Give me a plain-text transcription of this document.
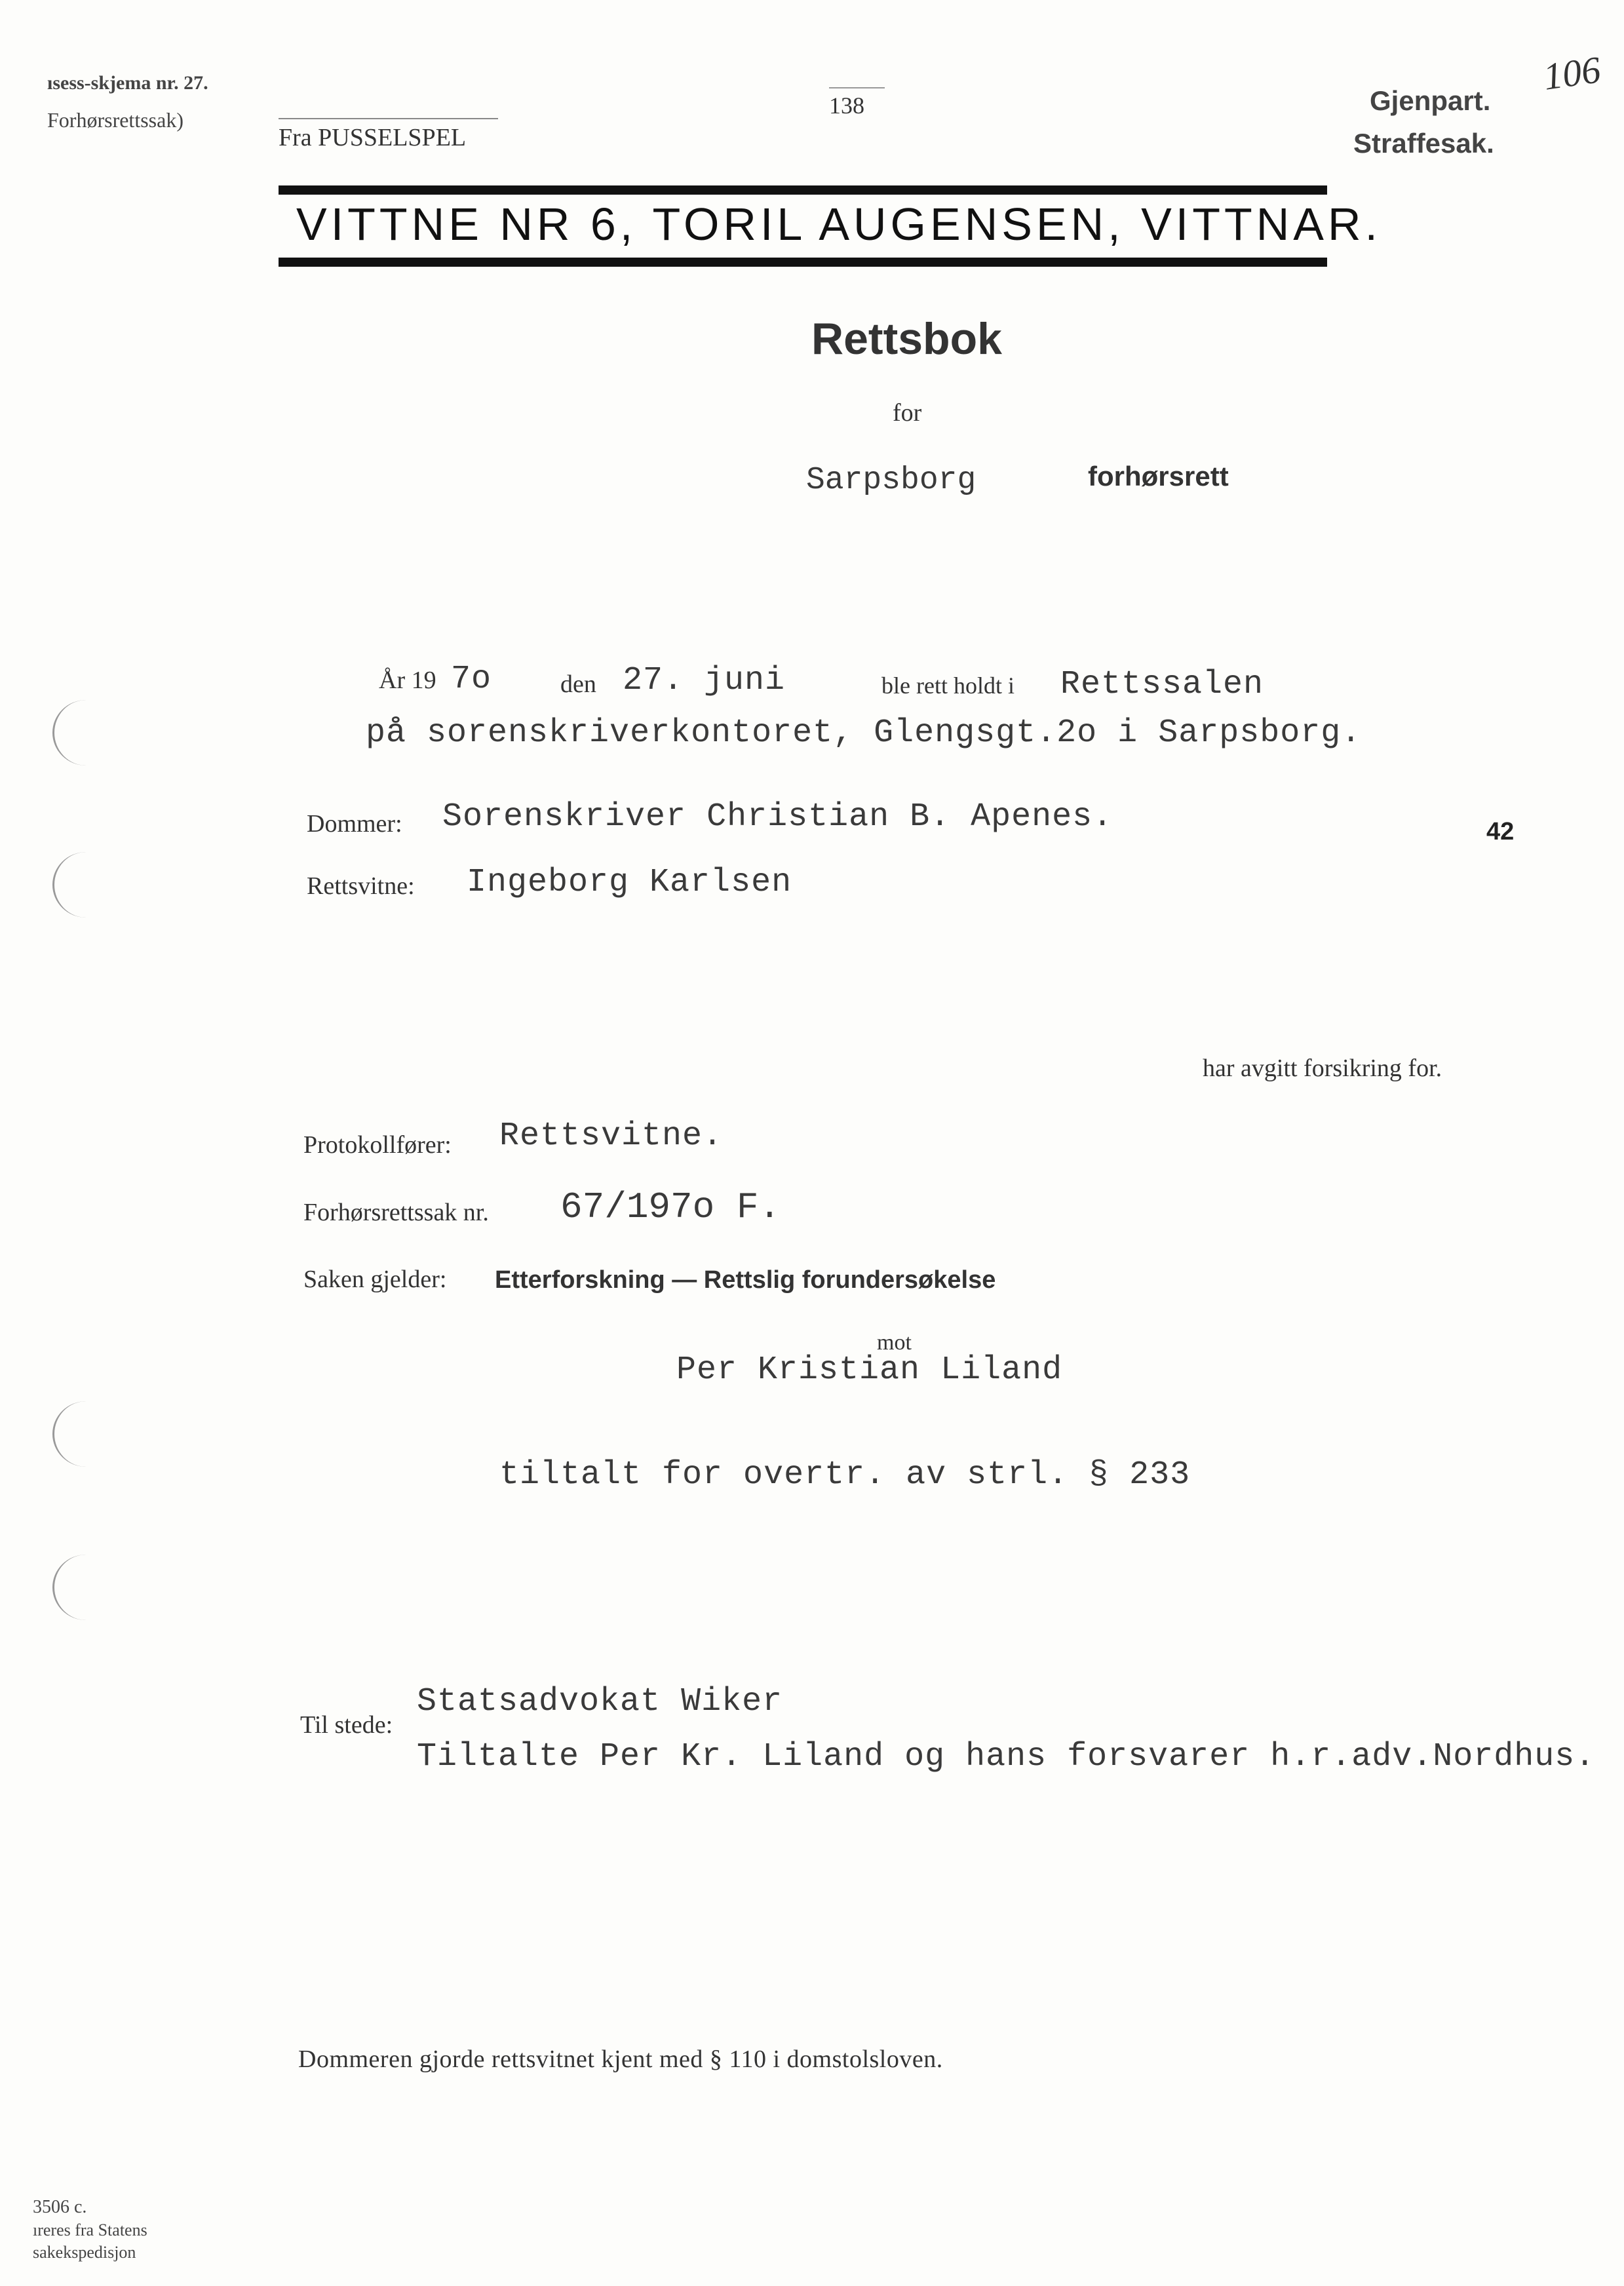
ısess-skjema nr. 27.
Forhørsrettssak)
Fra PUSSELSPEL
138	Gjenpart.
Straffesak.
106
VITTNE NR 6, TORIL AUGENSEN, VITTNAR.
Rettsbok
for
Sarpsborg	forhørsrett
År 19 7o	den 27. juni	ble rett holdt i Rettssalen
på sorenskriverkontoret, Glengsgt.2o i Sarpsborg.
Dommer: Sorenskriver Christian B. Apenes.	42
Rettsvitne: Ingeborg Karlsen
har avgitt forsikring for.
Protokollfører: Rettsvitne.
Forhørsrettssak nr. 67/197o F.
Saken gjelder: Etterforskning — Rettslig forundersøkelse
mot
Per Kristian Liland
tiltalt for overtr. av strl. § 233
Til stede:
Statsadvokat Wiker
Tiltalte Per Kr. Liland og hans forsvarer h.r.adv.Nordhus.
Dommeren gjorde rettsvitnet kjent med § 110 i domstolsloven.
3506 c.
ıreres fra Statens
sakekspedisjon
